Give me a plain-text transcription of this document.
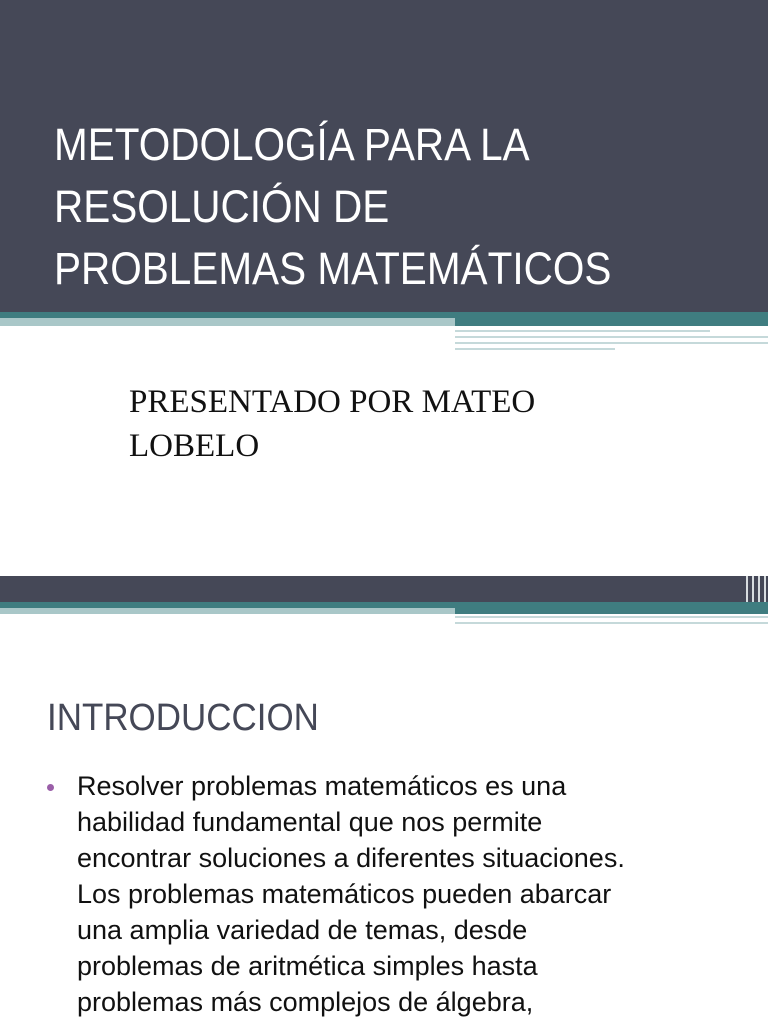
METODOLOGÍA PARA LA
RESOLUCIÓN DE
PROBLEMAS MATEMÁTICOS

PRESENTADO POR MATEO
LOBELO

INTRODUCCION
Resolver problemas matemáticos es una
habilidad fundamental que nos permite
encontrar soluciones a diferentes situaciones.
Los problemas matemáticos pueden abarcar
una amplia variedad de temas, desde
problemas de aritmética simples hasta
problemas más complejos de álgebra,
